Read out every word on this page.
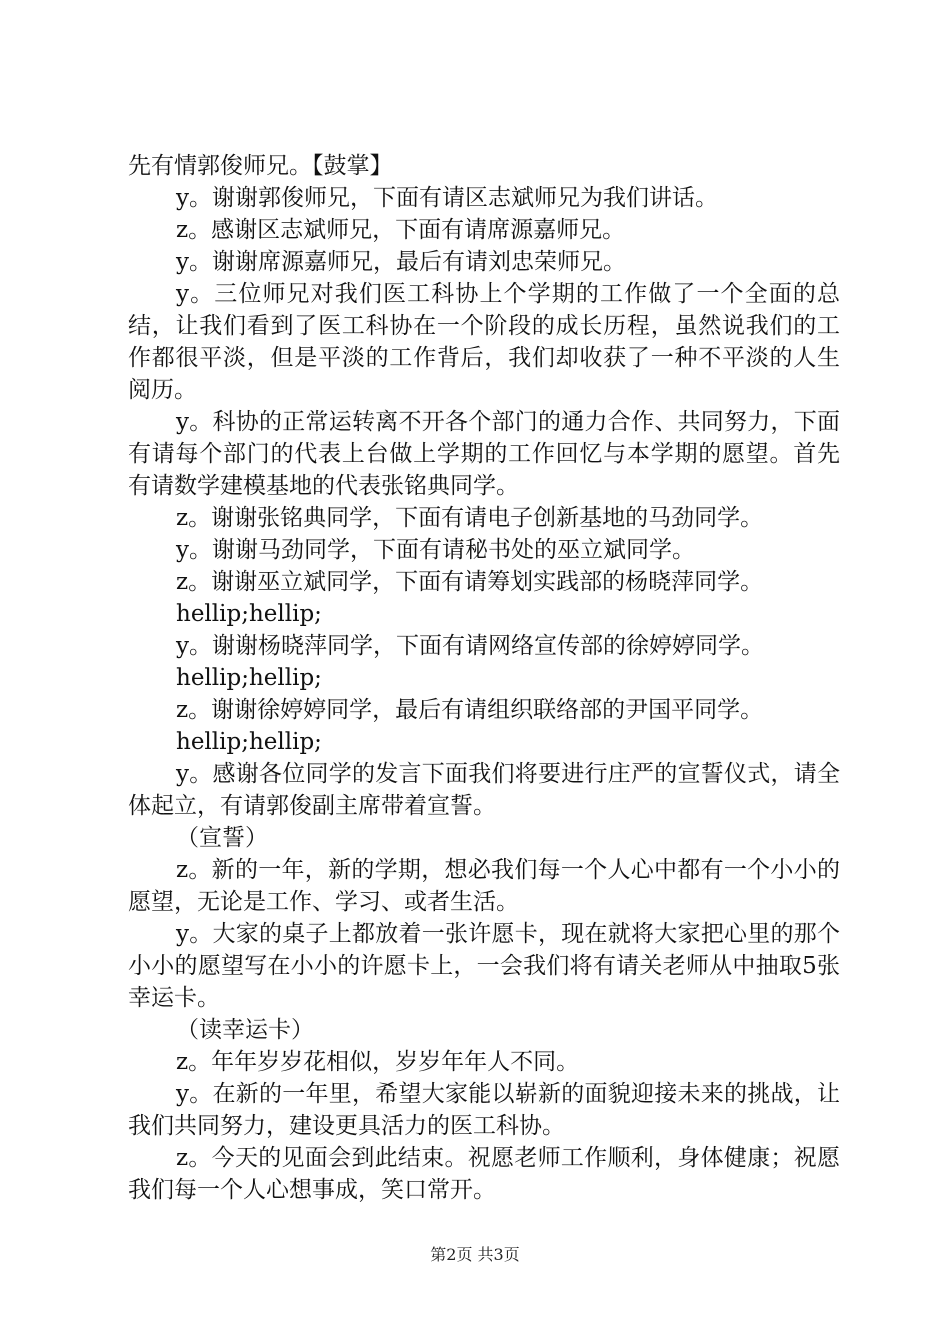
先有情郭俊师兄。【鼓掌】

y。谢谢郭俊师兄，下面有请区志斌师兄为我们讲话。

z。感谢区志斌师兄，下面有请席源嘉师兄。

y。谢谢席源嘉师兄，最后有请刘忠荣师兄。

y。三位师兄对我们医工科协上个学期的工作做了一个全面的总结，让我们看到了医工科协在一个阶段的成长历程，虽然说我们的工作都很平淡，但是平淡的工作背后，我们却收获了一种不平淡的人生阅历。

y。科协的正常运转离不开各个部门的通力合作、共同努力，下面有请每个部门的代表上台做上学期的工作回忆与本学期的愿望。首先有请数学建模基地的代表张铭典同学。

z。谢谢张铭典同学，下面有请电子创新基地的马劲同学。

y。谢谢马劲同学，下面有请秘书处的巫立斌同学。

z。谢谢巫立斌同学，下面有请筹划实践部的杨晓萍同学。

hellip;hellip;

y。谢谢杨晓萍同学，下面有请网络宣传部的徐婷婷同学。

hellip;hellip;

z。谢谢徐婷婷同学，最后有请组织联络部的尹国平同学。

hellip;hellip;

y。感谢各位同学的发言下面我们将要进行庄严的宣誓仪式，请全体起立，有请郭俊副主席带着宣誓。

（宣誓）

z。新的一年，新的学期，想必我们每一个人心中都有一个小小的愿望，无论是工作、学习、或者生活。

y。大家的桌子上都放着一张许愿卡，现在就将大家把心里的那个小小的愿望写在小小的许愿卡上，一会我们将有请关老师从中抽取5张幸运卡。

（读幸运卡）

z。年年岁岁花相似，岁岁年年人不同。

y。在新的一年里，希望大家能以崭新的面貌迎接未来的挑战，让我们共同努力，建设更具活力的医工科协。

z。今天的见面会到此结束。祝愿老师工作顺利，身体健康；祝愿我们每一个人心想事成，笑口常开。

第2页 共3页
